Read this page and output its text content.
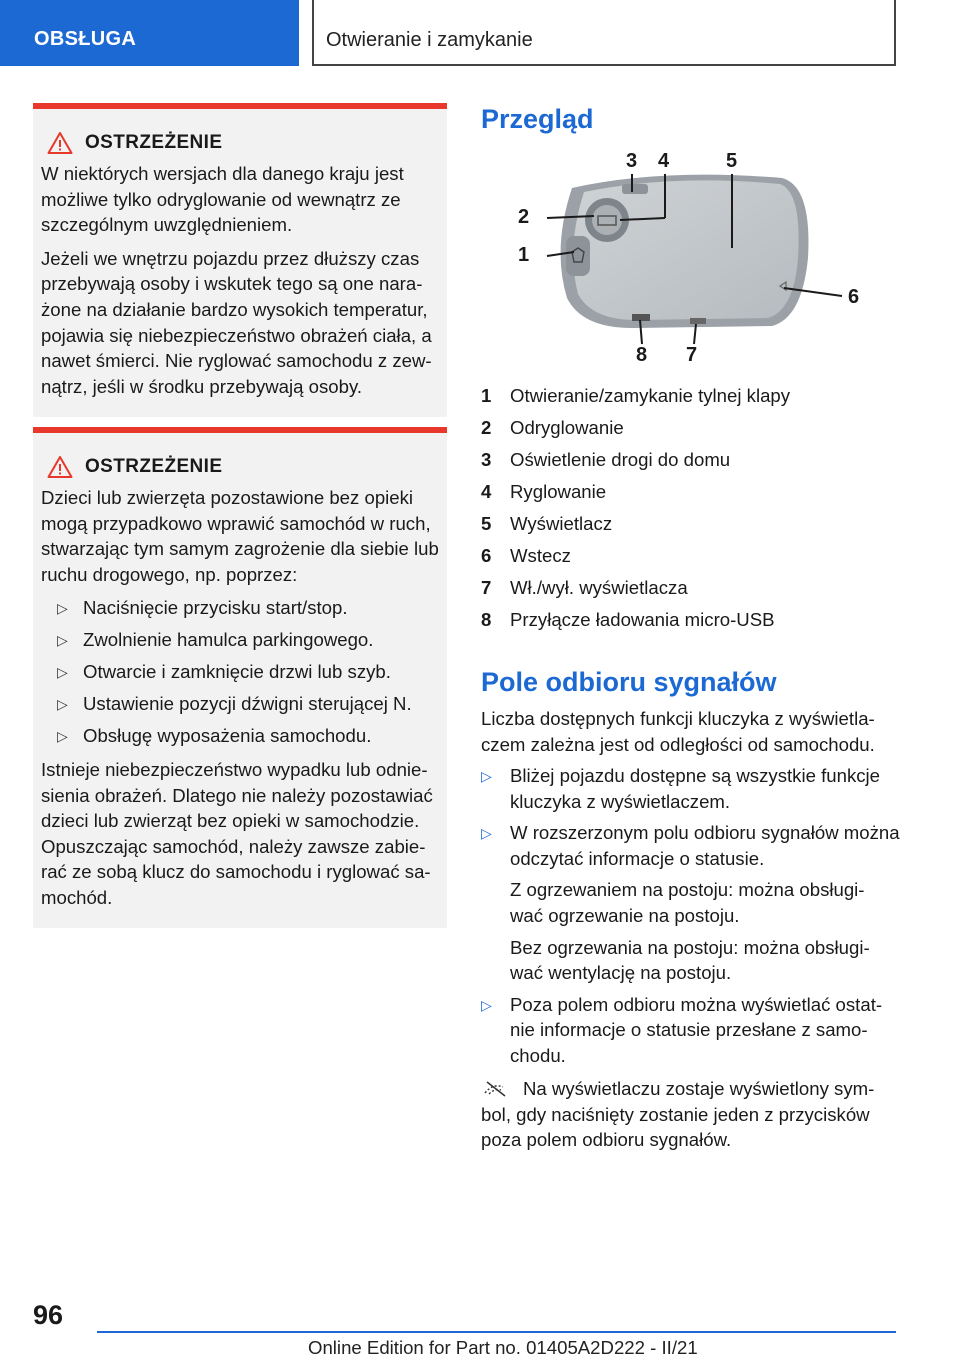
OBSŁUGA	Otwieranie i zamykanie
OSTRZEŻENIE

W niektórych wersjach dla danego kraju jest możliwe tylko odryglowanie od wewnątrz ze szczególnym uwzględnieniem.

Jeżeli we wnętrzu pojazdu przez dłuższy czas przebywają osoby i wskutek tego są one nara- żone na działanie bardzo wysokich temperatur, pojawia się niebezpieczeństwo obrażeń ciała, a nawet śmierci. Nie ryglować samochodu z zew- nątrz, jeśli w środku przebywają osoby.

OSTRZEŻENIE

Dzieci lub zwierzęta pozostawione bez opieki mogą przypadkowo wprawić samochód w ruch, stwarzając tym samym zagrożenie dla siebie lub ruchu drogowego, np. poprzez:

▷ Naciśnięcie przycisku start/stop.
▷ Zwolnienie hamulca parkingowego.
▷ Otwarcie i zamknięcie drzwi lub szyb.
▷ Ustawienie pozycji dźwigni sterującej N.
▷ Obsługę wyposażenia samochodu.

Istnieje niebezpieczeństwo wypadku lub odnie- sienia obrażeń. Dlatego nie należy pozostawiać dzieci lub zwierząt bez opieki w samochodzie. Opuszczając samochód, należy zawsze zabie- rać ze sobą klucz do samochodu i ryglować sa- mochód.

Przegląd
1
2
3 4	5
6
7
8
1	Otwieranie/zamykanie tylnej klapy
2	Odryglowanie
3	Oświetlenie drogi do domu
4	Ryglowanie
5	Wyświetlacz
6	Wstecz
7	Wł./wył. wyświetlacza
8	Przyłącze ładowania micro-USB
Pole odbioru sygnałów
Liczba dostępnych funkcji kluczyka z wyświetla- czem zależna jest od odległości od samochodu.
▷ Bliżej pojazdu dostępne są wszystkie funkcje kluczyka z wyświetlaczem.
▷ W rozszerzonym polu odbioru sygnałów można odczytać informacje o statusie.
Z ogrzewaniem na postoju: można obsługi- wać ogrzewanie na postoju.
Bez ogrzewania na postoju: można obsługi- wać wentylację na postoju.
▷ Poza polem odbioru można wyświetlać ostat- nie informacje o statusie przesłane z samo- chodu.
Na wyświetlaczu zostaje wyświetlony sym- bol, gdy naciśnięty zostanie jeden z przycisków poza polem odbioru sygnałów.
96
Online Edition for Part no. 01405A2D222 - II/21
